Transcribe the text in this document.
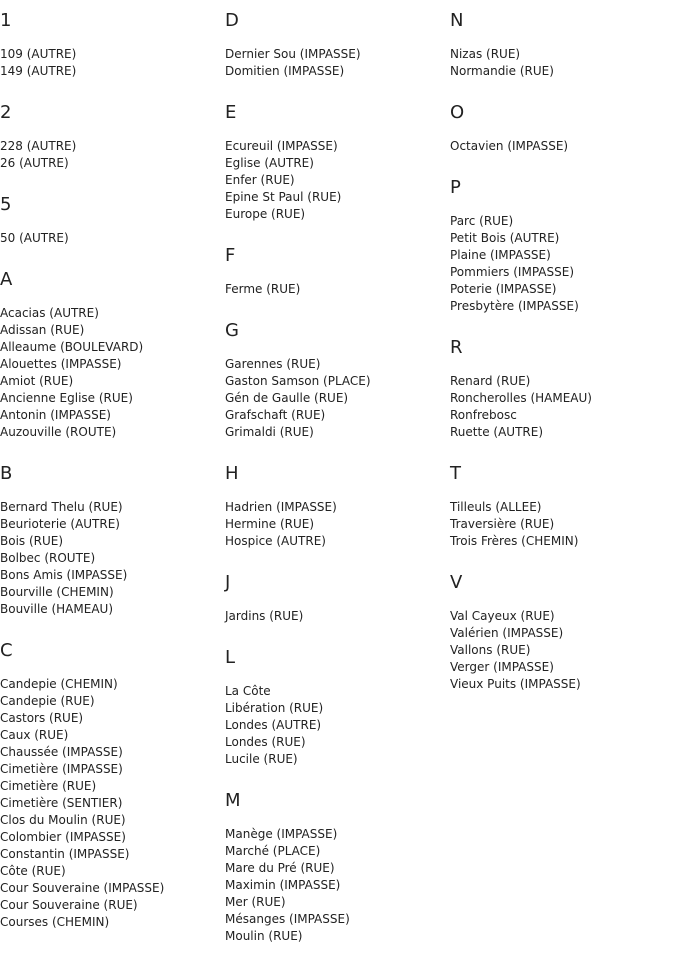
1
109 (AUTRE)
149 (AUTRE)
2
228 (AUTRE)
26 (AUTRE)
5
50 (AUTRE)
A
Acacias (AUTRE)
Adissan (RUE)
Alleaume (BOULEVARD)
Alouettes (IMPASSE)
Amiot (RUE)
Ancienne Eglise (RUE)
Antonin (IMPASSE)
Auzouville (ROUTE)
B
Bernard Thelu (RUE)
Beurioterie (AUTRE)
Bois (RUE)
Bolbec (ROUTE)
Bons Amis (IMPASSE)
Bourville (CHEMIN)
Bouville (HAMEAU)
C
Candepie (CHEMIN)
Candepie (RUE)
Castors (RUE)
Caux (RUE)
Chaussée (IMPASSE)
Cimetière (IMPASSE)
Cimetière (RUE)
Cimetière (SENTIER)
Clos du Moulin (RUE)
Colombier (IMPASSE)
Constantin (IMPASSE)
Côte (RUE)
Cour Souveraine (IMPASSE)
Cour Souveraine (RUE)
Courses (CHEMIN)
D
Dernier Sou (IMPASSE)
Domitien (IMPASSE)
E
Ecureuil (IMPASSE)
Eglise (AUTRE)
Enfer (RUE)
Epine St Paul (RUE)
Europe (RUE)
F
Ferme (RUE)
G
Garennes (RUE)
Gaston Samson (PLACE)
Gén de Gaulle (RUE)
Grafschaft (RUE)
Grimaldi (RUE)
H
Hadrien (IMPASSE)
Hermine (RUE)
Hospice (AUTRE)
J
Jardins (RUE)
L
La Côte
Libération (RUE)
Londes (AUTRE)
Londes (RUE)
Lucile (RUE)
M
Manège (IMPASSE)
Marché (PLACE)
Mare du Pré (RUE)
Maximin (IMPASSE)
Mer (RUE)
Mésanges (IMPASSE)
Moulin (RUE)
N
Nizas (RUE)
Normandie (RUE)
O
Octavien (IMPASSE)
P
Parc (RUE)
Petit Bois (AUTRE)
Plaine (IMPASSE)
Pommiers (IMPASSE)
Poterie (IMPASSE)
Presbytère (IMPASSE)
R
Renard (RUE)
Roncherolles (HAMEAU)
Ronfrebosc
Ruette (AUTRE)
T
Tilleuls (ALLEE)
Traversière (RUE)
Trois Frères (CHEMIN)
V
Val Cayeux (RUE)
Valérien (IMPASSE)
Vallons (RUE)
Verger (IMPASSE)
Vieux Puits (IMPASSE)
